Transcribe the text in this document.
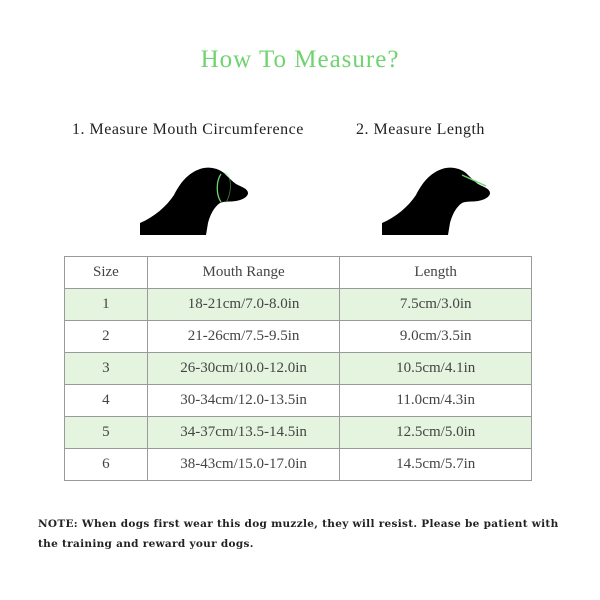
How To Measure?
1. Measure Mouth Circumference	2. Measure Length
Size	Mouth Range	Length
1	18-21cm/7.0-8.0in	7.5cm/3.0in
2	21-26cm/7.5-9.5in	9.0cm/3.5in
3	26-30cm/10.0-12.0in	10.5cm/4.1in
4	30-34cm/12.0-13.5in	11.0cm/4.3in
5	34-37cm/13.5-14.5in	12.5cm/5.0in
6	38-43cm/15.0-17.0in	14.5cm/5.7in
NOTE: When dogs first wear this dog muzzle, they will resist. Please be patient with the training and reward your dogs.
